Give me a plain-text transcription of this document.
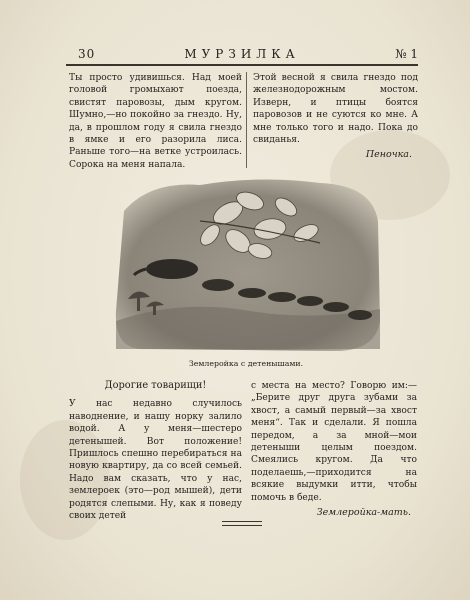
30	МУРЗИЛКА	№ 1

Ты просто удивишься. Над моей головой громыхают поезда, свистят паровозы, дым кругом. Шумно,—но покойно за гнездо. Ну, да, в прошлом году я свила гнездо в ямке и его разорила лиса. Раньше того—на ветке устроилась. Сорока на меня напала.

Этой весной я свила гнездо под железнодорожным мостом. Изверн, и птицы боятся паровозов и не суются ко мне. А мне только того и надо. Пока до свиданья.

Пеночка.

Землеройка с детенышами.

Дорогие товарищи!

У нас недавно случилось наводнение, и нашу норку залило водой. А у меня—шестеро детенышей. Вот положение! Пришлось спешно перебираться на новую квартиру, да со всей семьей. Надо вам сказать, что у нас, землероек (это—род мышей), дети родятся слепыми. Ну, как я поведу своих детей

с места на место? Говорю им:—„Берите друг друга зубами за хвост, а самый первый—за хвост меня“. Так и сделали. Я пошла передом, а за мной—мои детеныши целым поездом. Смеялись кругом. Да что поделаешь,—приходится на всякие выдумки итти, чтобы помочь в беде.

Землеройка-мать.
